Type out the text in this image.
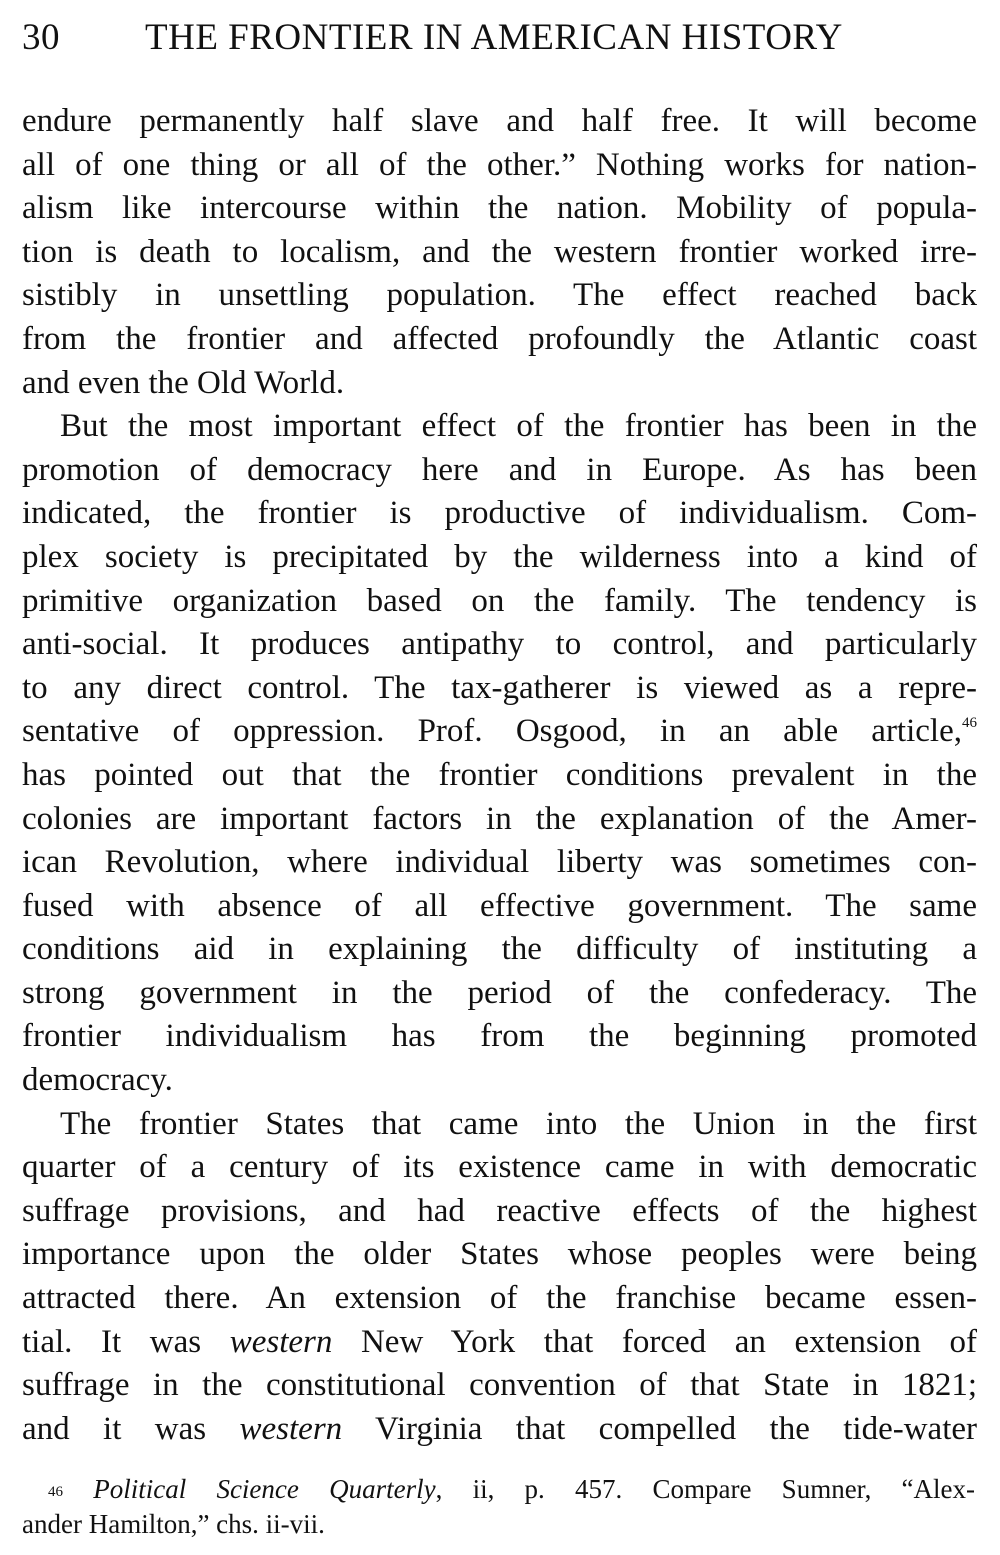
30 THE FRONTIER IN AMERICAN HISTORY
endure permanently half slave and half free. It will become
all of one thing or all of the other.” Nothing works for nation-
alism like intercourse within the nation. Mobility of popula-
tion is death to localism, and the western frontier worked irre-
sistibly in unsettling population. The effect reached back
from the frontier and affected profoundly the Atlantic coast
and even the Old World.
But the most important effect of the frontier has been in the
promotion of democracy here and in Europe. As has been
indicated, the frontier is productive of individualism. Com-
plex society is precipitated by the wilderness into a kind of
primitive organization based on the family. The tendency is
anti-social. It produces antipathy to control, and particularly
to any direct control. The tax-gatherer is viewed as a repre-
sentative of oppression. Prof. Osgood, in an able article,$^{46}$
has pointed out that the frontier conditions prevalent in the
colonies are important factors in the explanation of the Amer-
ican Revolution, where individual liberty was sometimes con-
fused with absence of all effective government. The same
conditions aid in explaining the difficulty of instituting a
strong government in the period of the confederacy. The
frontier individualism has from the beginning promoted
democracy.
The frontier States that came into the Union in the first
quarter of a century of its existence came in with democratic
suffrage provisions, and had reactive effects of the highest
importance upon the older States whose peoples were being
attracted there. An extension of the franchise became essen-
tial. It was western New York that forced an extension of
suffrage in the constitutional convention of that State in 1821;
and it was western Virginia that compelled the tide-water
$^{46}$ Political Science Quarterly, ii, p. 457. Compare Sumner, “Alex-
ander Hamilton,” chs. ii-vii.
